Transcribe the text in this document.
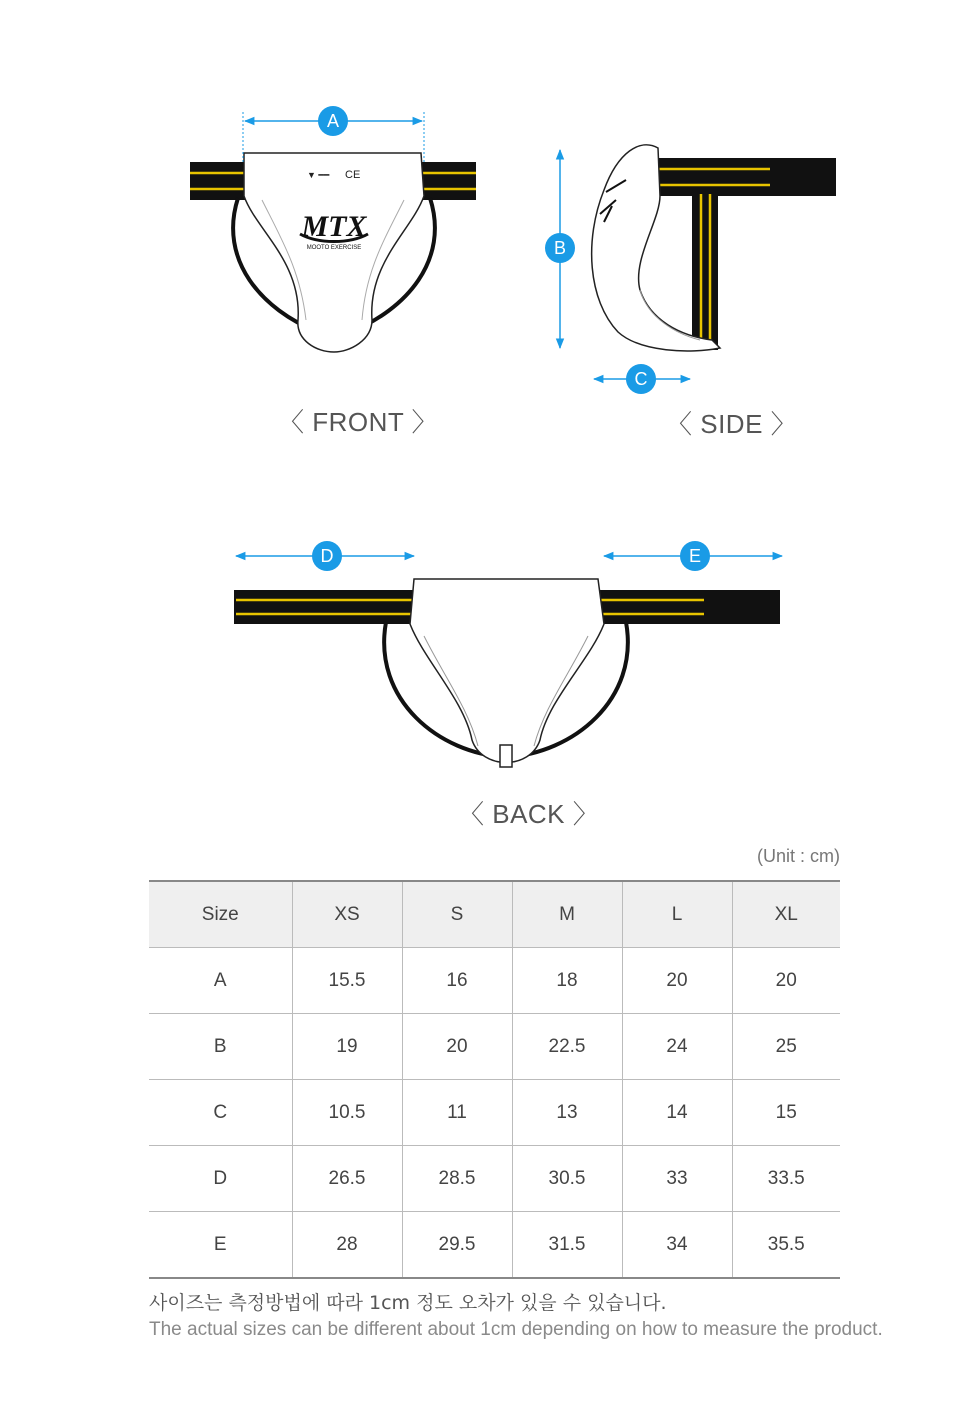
▼ ━━ CE
MTX
MOOTO EXERCISE
A
B
C
D	E
〈 FRONT 〉	〈 SIDE 〉
〈 BACK 〉
(Unit : cm)
Size	XS	S	M	L	XL
A	15.5	16	18	20	20
B	19	20	22.5	24	25
C	10.5	11	13	14	15
D	26.5	28.5	30.5	33	33.5
E	28	29.5	31.5	34	35.5
사이즈는 측정방법에 따라 1cm 정도 오차가 있을 수 있습니다.
The actual sizes can be different about 1cm depending on how to measure the product.
